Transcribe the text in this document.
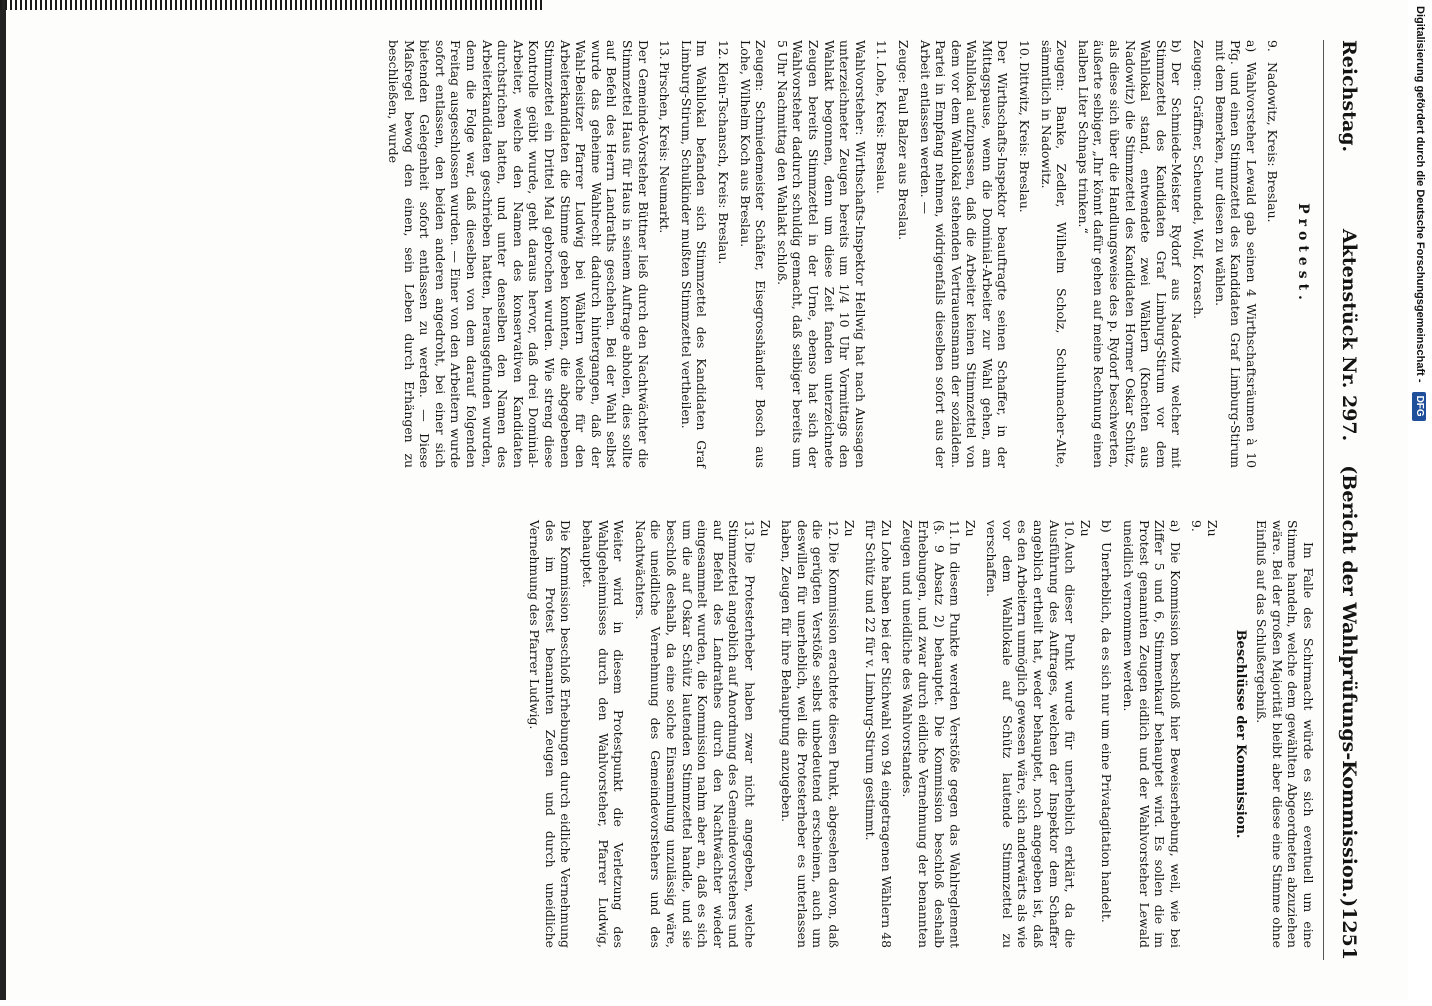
Reichstag.
Aktenstück Nr. 297.
(Bericht der Wahlprüfungs-Kommission.)
1251
Protest.
9.Nadowitz, Kreis: Breslau.
a)Wahlvorsteher Lewald gab seinen 4 Wirthschaftsräumen à 10 Pfg. und einen Stimmzettel des Kandidaten Graf Limburg-Stirum mit dem Bemerken, nur diesen zu wählen.
Zeugen: Gräffner, Scheundel, Wolf, Korasch.
b)Der Schmiede-Meister Rydorf aus Nadowitz welcher mit Stimmzettel des Kandidaten Graf Limburg-Stirum vor dem Wahllokal stand, entwendete zwei Wählern (Knechten aus Nadowitz) die Stimmzettel des Kandidaten Hormer Oskar Schütz, als diese sich über die Handlungsweise des p. Rydorf beschwerten, äußerte selbiger, „Ihr könnt dafür gehen auf meine Rechnung einen halben Liter Schnaps trinken.“
Zeugen: Banke, Zedler, Wilhelm Scholz, Schuhmacher-Alte, sämmtlich in Nadowitz.
10.Dittwitz, Kreis: Breslau.
Der Wirthschafts-Inspektor beauftragte seinen Schaffer, in der Mittagspause, wenn die Dominial-Arbeiter zur Wahl gehen, am Wahllokal aufzupassen, daß die Arbeiter keinen Stimmzettel von dem vor dem Wahllokal stehenden Vertrauensmann der sozialdem. Partei in Empfang nehmen, widrigenfalls dieselben sofort aus der Arbeit entlassen werden. —
Zeuge: Paul Balzer aus Breslau.
11.Lohe, Kreis: Breslau.
Wahlvorsteher: Wirthschafts-Inspektor Hellwig hat nach Aussagen unterzeichneter Zeugen bereits um 1/4 10 Uhr Vormittags den Wahlakt begonnen, denn um diese Zeit fanden unterzeichnete Zeugen bereits Stimmzettel in der Urne, ebenso hat sich der Wahlvorsteher dadurch schuldig gemacht, daß selbiger bereits um 5 Uhr Nachmittag den Wahlakt schloß.
Zeugen: Schmiedemeister Schäfer, Eisegrosshändler Bosch aus Lohe, Wilhelm Koch aus Breslau.
12.Klein-Tschansch, Kreis: Breslau.
Im Wahllokal befanden sich Stimmzettel des Kandidaten Graf Limburg-Stirum, Schulkinder mußten Stimmzettel vertheilen.
13.Pirschen, Kreis: Neumarkt.
Der Gemeinde-Vorsteher Büttner ließ durch den Nachtwächter die Stimmzettel Haus für Haus in seinem Auftrage abholen, dies sollte auf Befehl des Herrn Landraths geschehen. Bei der Wahl selbst wurde das geheime Wahlrecht dadurch hintergangen, daß der Wahl-Beisitzer Pfarrer Ludwig bei Wählern welche für den Arbeiterkandidaten die Stimme geben konnten, die abgegebenen Stimmzettel ein Drittel Mal gebrochen wurden. Wie streng diese Kontrolle geübt wurde, geht daraus hervor, daß drei Dominial-Arbeiter, welche den Namen des konservativen Kandidaten durchstrichen hatten, und unter denselben den Namen des Arbeiterkandidaten geschrieben hatten, herausgefunden wurden, denn die Folge war, daß dieselben von dem darauf folgenden Freitag ausgeschlossen wurden. — Einer von den Arbeitern wurde sofort entlassen, den beiden anderen angedroht, bei einer sich bietenden Gelegenheit sofort entlassen zu werden. — Diese Maßregel bewog den einen, sein Leben durch Erhängen zu beschließen, wurde
Im Falle des Schirmacht würde es sich eventuell um eine Stimme handeln, welche dem gewählten Abgeordneten abzuziehen wäre. Bei der großen Majorität bleibt aber diese eine Stimme ohne Einfluß auf das Schlußergebniß.
Beschlüsse der Kommission.
Zu 9.
a)Die Kommission beschloß hier Beweiserhebung, weil, wie bei Ziffer 5 und 6, Stimmenkauf behauptet wird. Es sollen die im Protest genannten Zeugen eidlich und der Wahlvorsteher Lewald uneidlich vernommen werden.
b)Unerheblich, da es sich nur um eine Privatagitation handelt.
Zu 10.Auch dieser Punkt wurde für unerheblich erklärt, da die Ausführung des Auftrages, welchen der Inspektor dem Schaffer angeblich ertheilt hat, weder behauptet, noch angegeben ist, daß es den Arbeitern unmöglich gewesen wäre, sich anderwärts als wie vor dem Wahllokale auf Schütz lautende Stimmzettel zu verschaffen.
Zu 11.In diesem Punkte werden Verstöße gegen das Wahlreglement (§. 9 Absatz 2) behauptet. Die Kommission beschloß deshalb Erhebungen, und zwar durch eidliche Vernehmung der benannten Zeugen und uneidliche des Wahlvorstandes.
Zu Lohe haben bei der Stichwahl von 94 eingetragenen Wählern 48 für Schütz und 22 für v. Limburg-Stirum gestimmt.
Zu 12.Die Kommission erachtete diesen Punkt, abgesehen davon, daß die gerügten Verstöße selbst unbedeutend erscheinen, auch um deswillen für unerheblich, weil die Protesterheber es unterlassen haben, Zeugen für ihre Behauptung anzugeben.
Zu 13.Die Protesterheber haben zwar nicht angegeben, welche Stimmzettel angeblich auf Anordnung des Gemeindevorstehers und auf Befehl des Landrathes durch den Nachtwächter wieder eingesammelt wurden, die Kommission nahm aber an, daß es sich um die auf Oskar Schütz lautenden Stimmzettel handle, und sie beschloß deshalb, da eine solche Einsammlung unzulässig wäre, die uneidliche Vernehmung des Gemeindevorstehers und des Nachtwächters.
Weiter wird in diesem Protestpunkt die Verletzung des Wahlgeheimnisses durch den Wahlvorsteher, Pfarrer Ludwig, behauptet.
Die Kommission beschloß Erhebungen durch eidliche Vernehmung des im Protest benannten Zeugen und durch uneidliche Vernehmung des Pfarrer Ludwig.
Digitalisierung gefördert durch die Deutsche Forschungsgemeinschaft - DFG
